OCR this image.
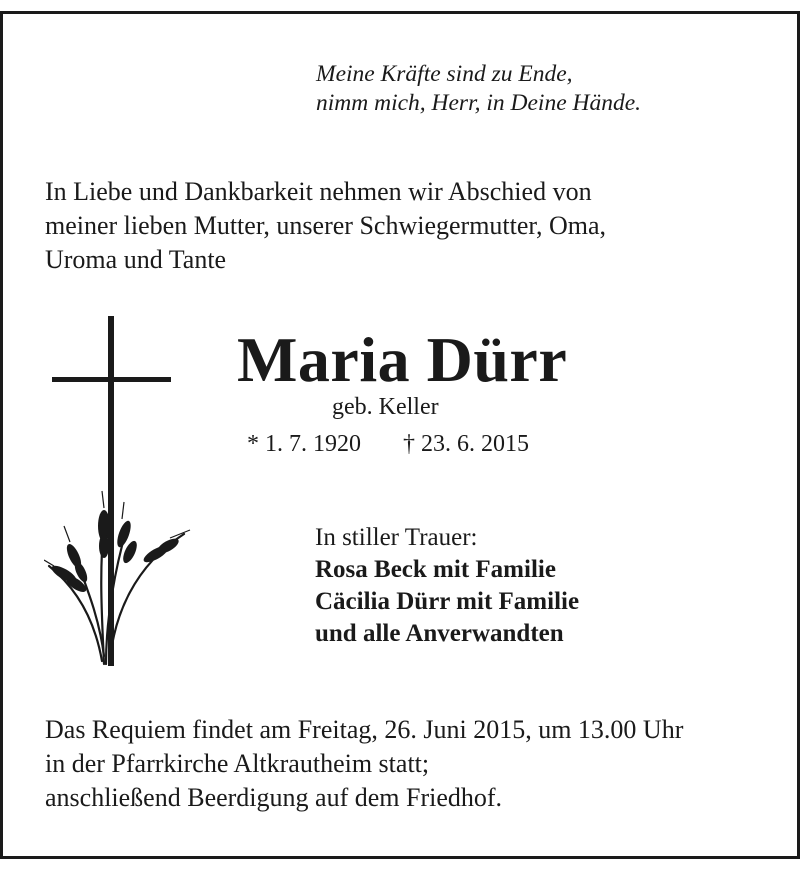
Meine Kräfte sind zu Ende,
nimm mich, Herr, in Deine Hände.
In Liebe und Dankbarkeit nehmen wir Abschied von
meiner lieben Mutter, unserer Schwiegermutter, Oma,
Uroma und Tante
Maria Dürr
geb. Keller
* 1. 7. 1920 † 23. 6. 2015
In stiller Trauer:
Rosa Beck mit Familie
Cäcilia Dürr mit Familie
und alle Anverwandten
Das Requiem findet am Freitag, 26. Juni 2015, um 13.00 Uhr
in der Pfarrkirche Altkrautheim statt;
anschließend Beerdigung auf dem Friedhof.
